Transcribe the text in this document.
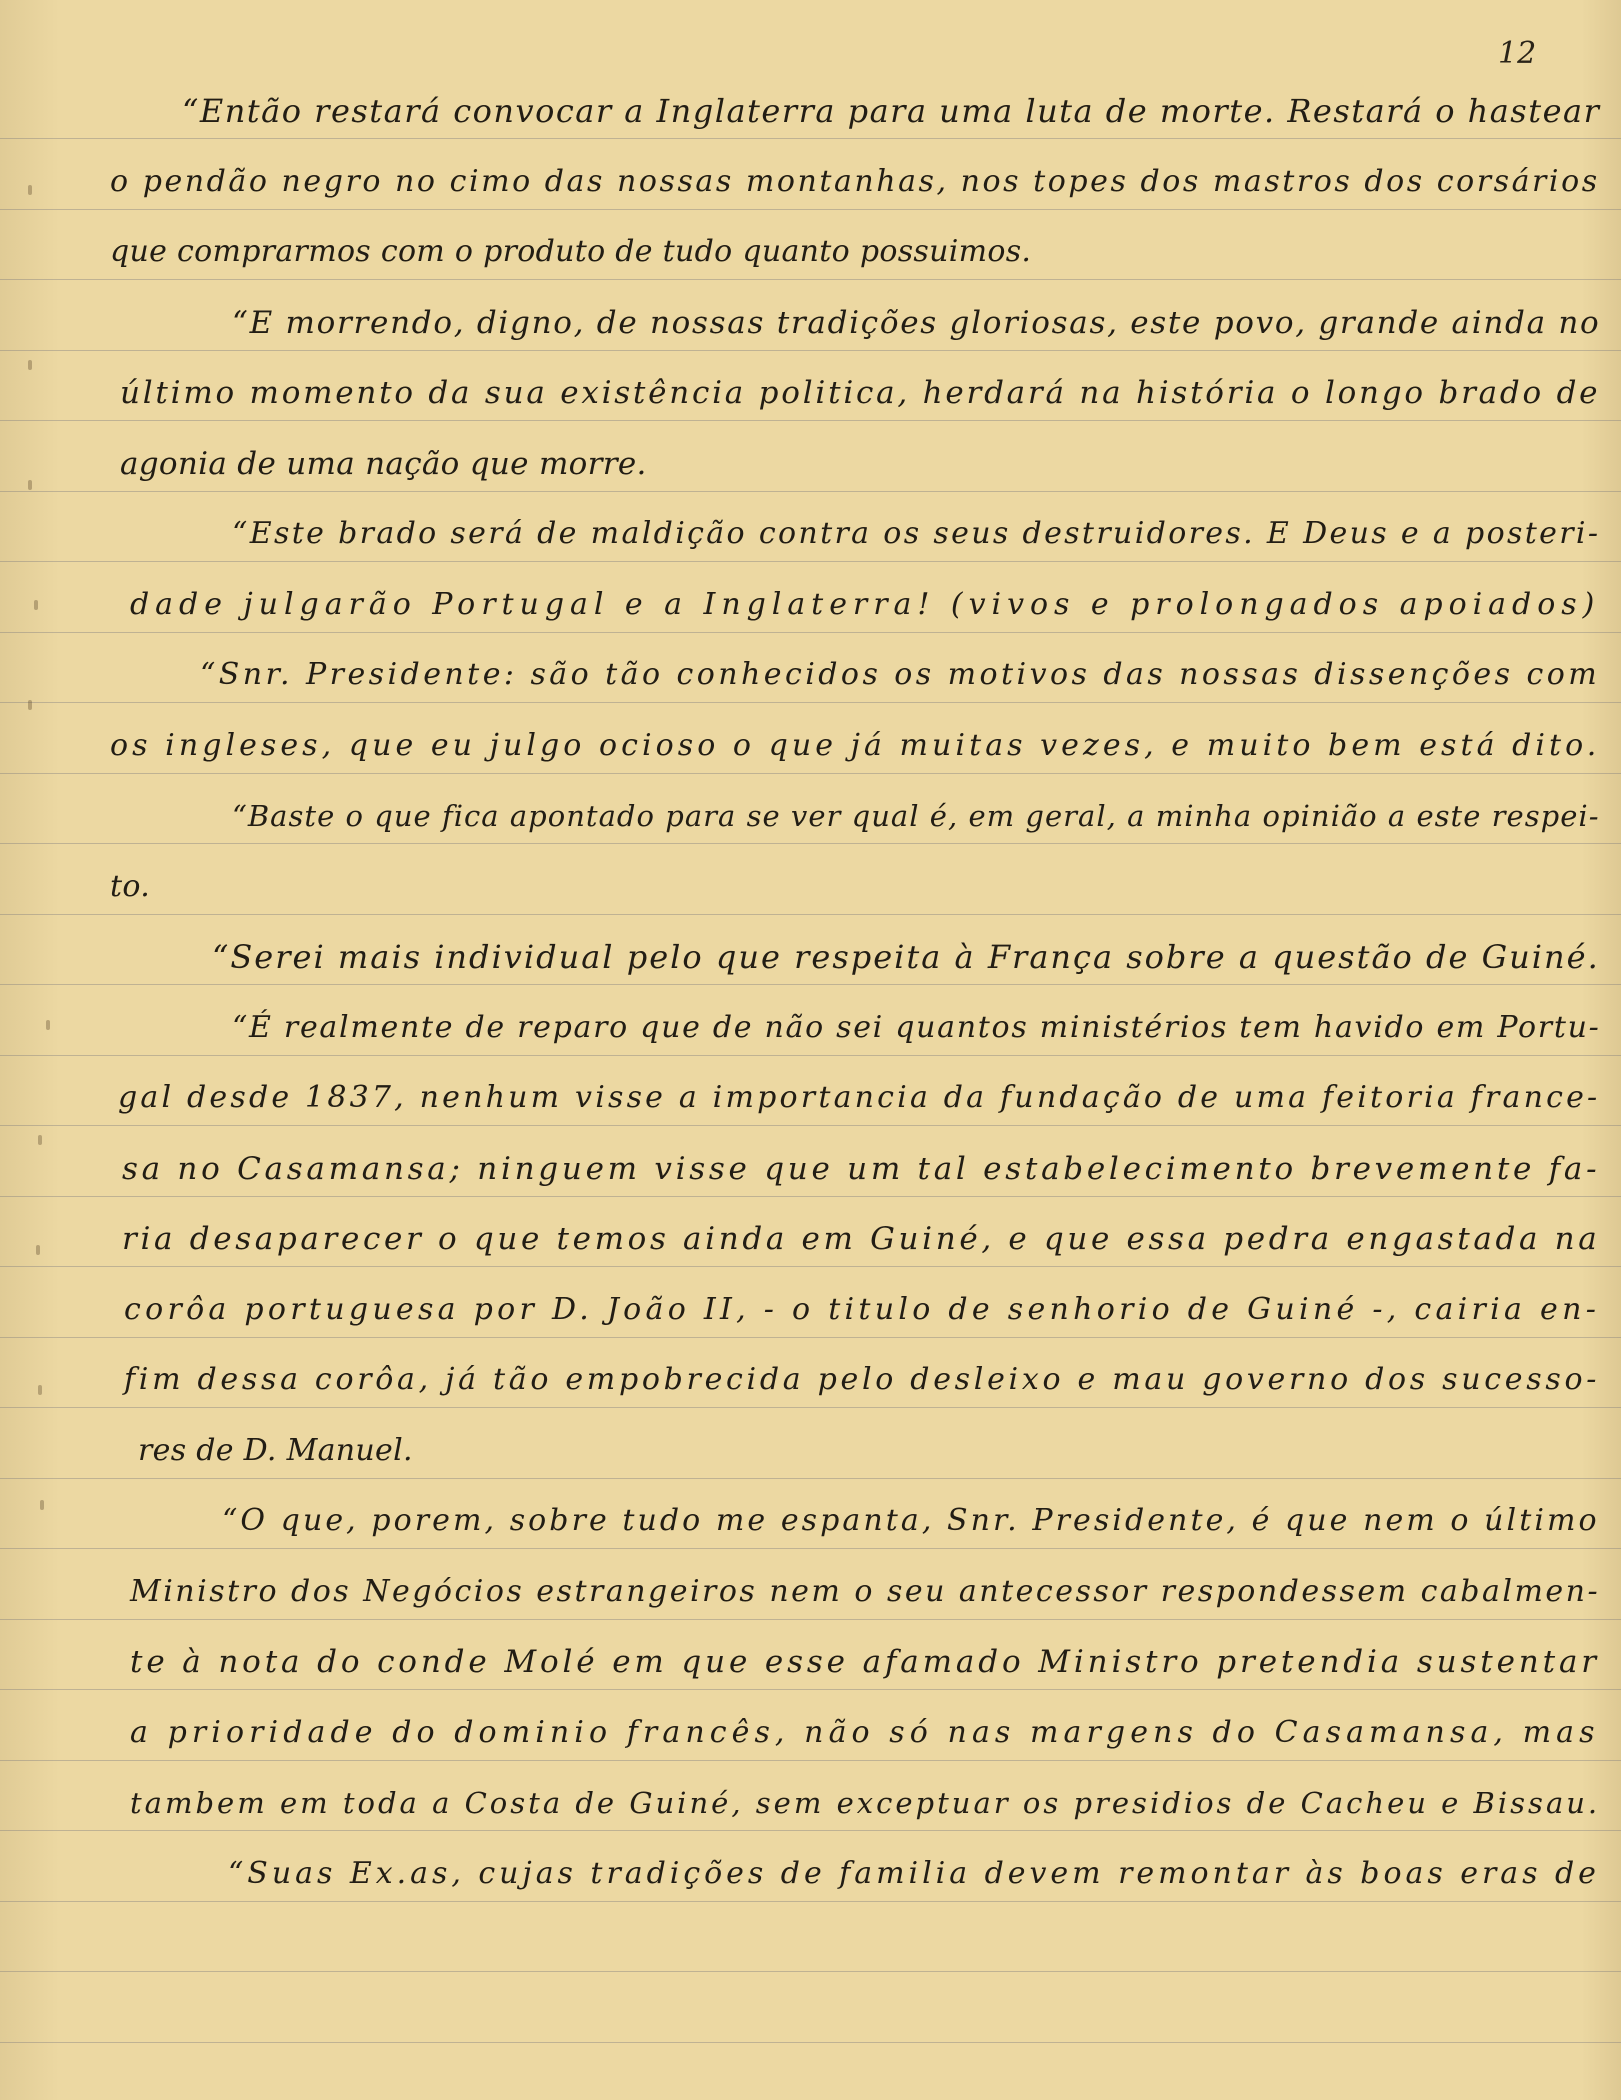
12
“Então restará convocar a Inglaterra para uma luta de morte. Restará o hastear
o pendão negro no cimo das nossas montanhas, nos topes dos mastros dos corsários
que comprarmos com o produto de tudo quanto possuimos.
“E morrendo, digno, de nossas tradições gloriosas, este povo, grande ainda no
último momento da sua existência politica, herdará na história o longo brado de
agonia de uma nação que morre.
“Este brado será de maldição contra os seus destruidores. E Deus e a posteri-
dade julgarão Portugal e a Inglaterra! (vivos e prolongados apoiados)
“Snr. Presidente: são tão conhecidos os motivos das nossas dissenções com
os ingleses, que eu julgo ocioso o que já muitas vezes, e muito bem está dito.
“Baste o que fica apontado para se ver qual é, em geral, a minha opinião a este respei-
to.
“Serei mais individual pelo que respeita à França sobre a questão de Guiné.
“É realmente de reparo que de não sei quantos ministérios tem havido em Portu-
gal desde 1837, nenhum visse a importancia da fundação de uma feitoria france-
sa no Casamansa; ninguem visse que um tal estabelecimento brevemente fa-
ria desaparecer o que temos ainda em Guiné, e que essa pedra engastada na
corôa portuguesa por D. João II, - o titulo de senhorio de Guiné -, cairia en-
fim dessa corôa, já tão empobrecida pelo desleixo e mau governo dos sucesso-
res de D. Manuel.
“O que, porem, sobre tudo me espanta, Snr. Presidente, é que nem o último
Ministro dos Negócios estrangeiros nem o seu antecessor respondessem cabalmen-
te à nota do conde Molé em que esse afamado Ministro pretendia sustentar
a prioridade do dominio francês, não só nas margens do Casamansa, mas
tambem em toda a Costa de Guiné, sem exceptuar os presidios de Cacheu e Bissau.
“Suas Ex.as, cujas tradições de familia devem remontar às boas eras de
